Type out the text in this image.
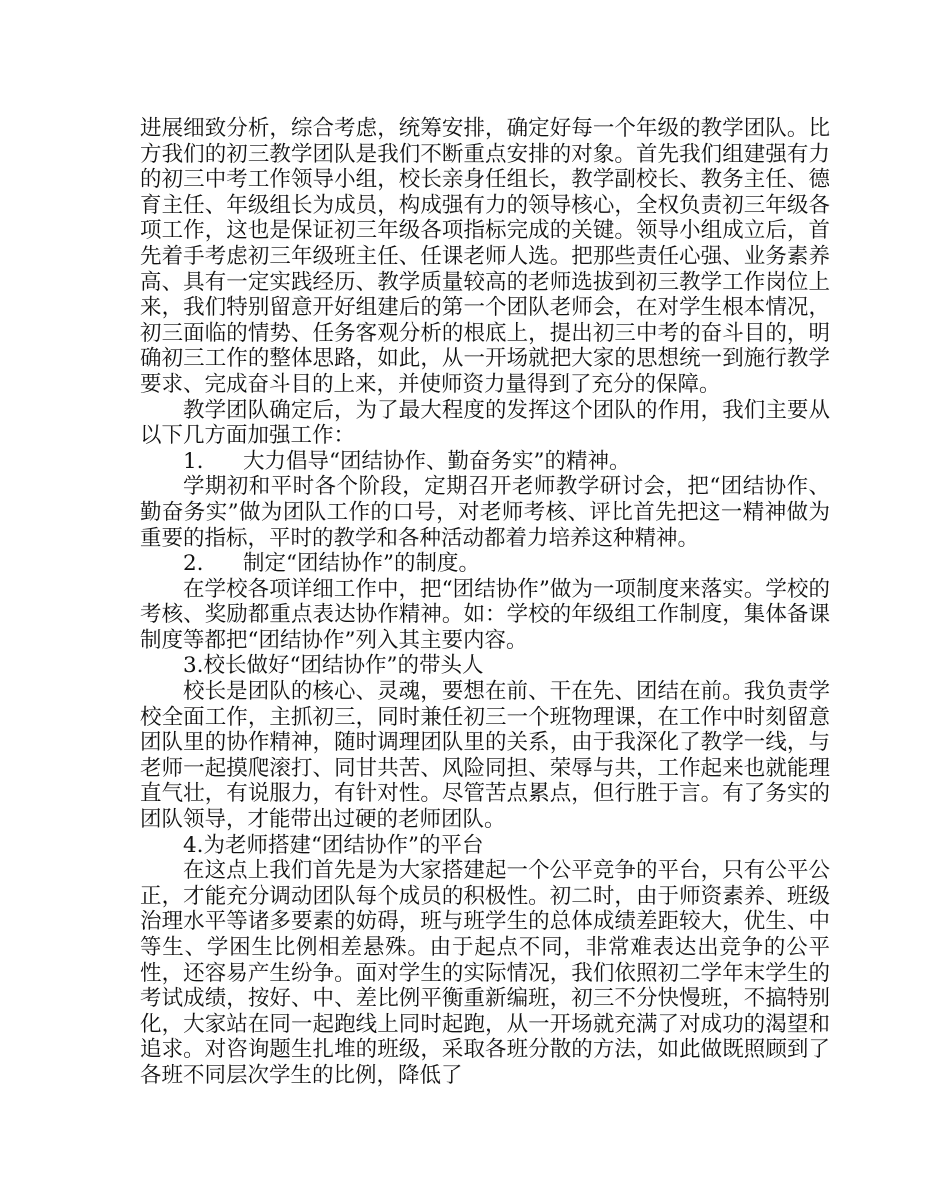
进展细致分析，综合考虑，统筹安排，确定好每一个年级的教学团队。比方我们的初三教学团队是我们不断重点安排的对象。首先我们组建强有力的初三中考工作领导小组，校长亲身任组长，教学副校长、教务主任、德育主任、年级组长为成员，构成强有力的领导核心，全权负责初三年级各项工作，这也是保证初三年级各项指标完成的关键。领导小组成立后，首先着手考虑初三年级班主任、任课老师人选。把那些责任心强、业务素养高、具有一定实践经历、教学质量较高的老师选拔到初三教学工作岗位上来，我们特别留意开好组建后的第一个团队老师会，在对学生根本情况，初三面临的情势、任务客观分析的根底上，提出初三中考的奋斗目的，明确初三工作的整体思路，如此，从一开场就把大家的思想统一到施行教学要求、完成奋斗目的上来，并使师资力量得到了充分的保障。

教学团队确定后，为了最大程度的发挥这个团队的作用，我们主要从以下几方面加强工作：

1. 大力倡导“团结协作、勤奋务实”的精神。

学期初和平时各个阶段，定期召开老师教学研讨会，把“团结协作、勤奋务实”做为团队工作的口号，对老师考核、评比首先把这一精神做为重要的指标，平时的教学和各种活动都着力培养这种精神。

2. 制定“团结协作”的制度。

在学校各项详细工作中，把“团结协作”做为一项制度来落实。学校的考核、奖励都重点表达协作精神。如：学校的年级组工作制度，集体备课制度等都把“团结协作”列入其主要内容。

3.校长做好“团结协作”的带头人

校长是团队的核心、灵魂，要想在前、干在先、团结在前。我负责学校全面工作，主抓初三，同时兼任初三一个班物理课，在工作中时刻留意团队里的协作精神，随时调理团队里的关系，由于我深化了教学一线，与老师一起摸爬滚打、同甘共苦、风险同担、荣辱与共，工作起来也就能理直气壮，有说服力，有针对性。尽管苦点累点，但行胜于言。有了务实的团队领导，才能带出过硬的老师团队。

4.为老师搭建“团结协作”的平台

在这点上我们首先是为大家搭建起一个公平竞争的平台，只有公平公正，才能充分调动团队每个成员的积极性。初二时，由于师资素养、班级治理水平等诸多要素的妨碍，班与班学生的总体成绩差距较大，优生、中等生、学困生比例相差悬殊。由于起点不同，非常难表达出竞争的公平性，还容易产生纷争。面对学生的实际情况，我们依照初二学年末学生的考试成绩，按好、中、差比例平衡重新编班，初三不分快慢班，不搞特别化，大家站在同一起跑线上同时起跑，从一开场就充满了对成功的渴望和追求。对咨询题生扎堆的班级，采取各班分散的方法，如此做既照顾到了各班不同层次学生的比例，降低了
